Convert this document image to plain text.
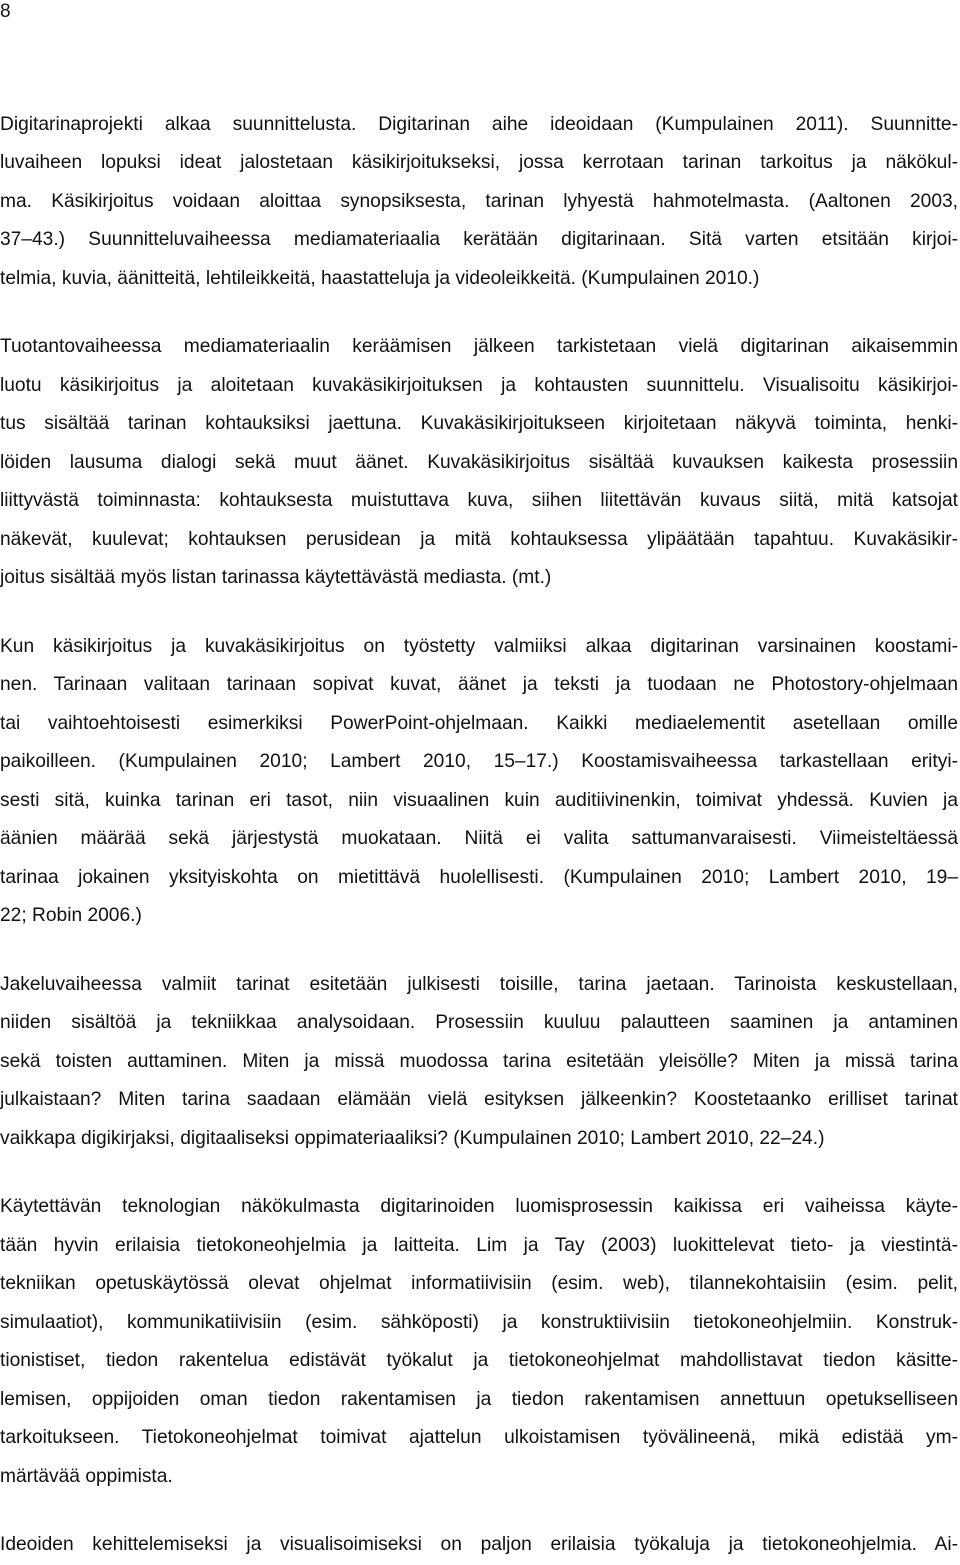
8

Digitarinaprojekti alkaa suunnittelusta. Digitarinan aihe ideoidaan (Kumpulainen 2011). Suunnitte-

luvaiheen lopuksi ideat jalostetaan käsikirjoitukseksi, jossa kerrotaan tarinan tarkoitus ja näkökul-

ma. Käsikirjoitus voidaan aloittaa synopsiksesta, tarinan lyhyestä hahmotelmasta. (Aaltonen 2003,

37–43.) Suunnitteluvaiheessa mediamateriaalia kerätään digitarinaan. Sitä varten etsitään kirjoi-

telmia, kuvia, äänitteitä, lehtileikkeitä, haastatteluja ja videoleikkeitä. (Kumpulainen 2010.)

Tuotantovaiheessa mediamateriaalin keräämisen jälkeen tarkistetaan vielä digitarinan aikaisemmin

luotu käsikirjoitus ja aloitetaan kuvakäsikirjoituksen ja kohtausten suunnittelu. Visualisoitu käsikirjoi-

tus sisältää tarinan kohtauksiksi jaettuna. Kuvakäsikirjoitukseen kirjoitetaan näkyvä toiminta, henki-

löiden lausuma dialogi sekä muut äänet. Kuvakäsikirjoitus sisältää kuvauksen kaikesta prosessiin

liittyvästä toiminnasta: kohtauksesta muistuttava kuva, siihen liitettävän kuvaus siitä, mitä katsojat

näkevät, kuulevat; kohtauksen perusidean ja mitä kohtauksessa ylipäätään tapahtuu. Kuvakäsikir-

joitus sisältää myös listan tarinassa käytettävästä mediasta. (mt.)

Kun käsikirjoitus ja kuvakäsikirjoitus on työstetty valmiiksi alkaa digitarinan varsinainen koostami-

nen. Tarinaan valitaan tarinaan sopivat kuvat, äänet ja teksti ja tuodaan ne Photostory-ohjelmaan

tai vaihtoehtoisesti esimerkiksi PowerPoint-ohjelmaan. Kaikki mediaelementit asetellaan omille

paikoilleen. (Kumpulainen 2010; Lambert 2010, 15–17.) Koostamisvaiheessa tarkastellaan erityi-

sesti sitä, kuinka tarinan eri tasot, niin visuaalinen kuin auditiivinenkin, toimivat yhdessä. Kuvien ja

äänien määrää sekä järjestystä muokataan. Niitä ei valita sattumanvaraisesti. Viimeisteltäessä

tarinaa jokainen yksityiskohta on mietittävä huolellisesti. (Kumpulainen 2010; Lambert 2010, 19–

22; Robin 2006.)

Jakeluvaiheessa valmiit tarinat esitetään julkisesti toisille, tarina jaetaan. Tarinoista keskustellaan,

niiden sisältöä ja tekniikkaa analysoidaan. Prosessiin kuuluu palautteen saaminen ja antaminen

sekä toisten auttaminen. Miten ja missä muodossa tarina esitetään yleisölle? Miten ja missä tarina

julkaistaan? Miten tarina saadaan elämään vielä esityksen jälkeenkin? Koostetaanko erilliset tarinat

vaikkapa digikirjaksi, digitaaliseksi oppimateriaaliksi? (Kumpulainen 2010; Lambert 2010, 22–24.)

Käytettävän teknologian näkökulmasta digitarinoiden luomisprosessin kaikissa eri vaiheissa käyte-

tään hyvin erilaisia tietokoneohjelmia ja laitteita. Lim ja Tay (2003) luokittelevat tieto- ja viestintä-

tekniikan opetuskäytössä olevat ohjelmat informatiivisiin (esim. web), tilannekohtaisiin (esim. pelit,

simulaatiot), kommunikatiivisiin (esim. sähköposti) ja konstruktiivisiin tietokoneohjelmiin. Konstruk-

tionistiset, tiedon rakentelua edistävät työkalut ja tietokoneohjelmat mahdollistavat tiedon käsitte-

lemisen, oppijoiden oman tiedon rakentamisen ja tiedon rakentamisen annettuun opetukselliseen

tarkoitukseen. Tietokoneohjelmat toimivat ajattelun ulkoistamisen työvälineenä, mikä edistää ym-

märtävää oppimista.

Ideoiden kehittelemiseksi ja visualisoimiseksi on paljon erilaisia työkaluja ja tietokoneohjelmia. Ai-
